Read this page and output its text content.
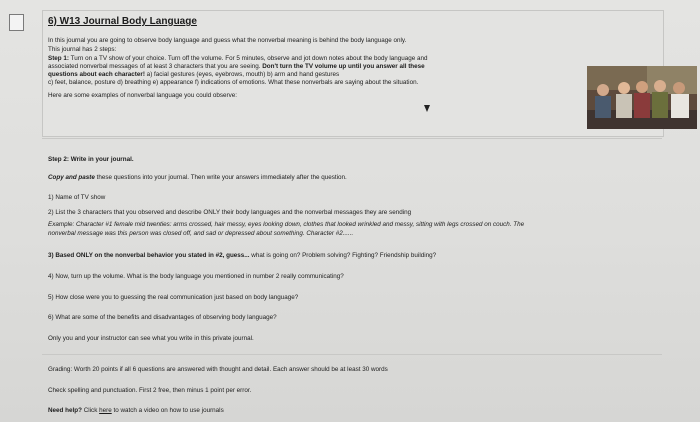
6) W13 Journal Body Language
In this journal you are going to observe body language and guess what the nonverbal meaning is behind the body language only.
This journal has 2 steps:
Step 1: Turn on a TV show of your choice. Turn off the volume. For 5 minutes, observe and jot down notes about the body language and
associated nonverbal messages of at least 3 characters that you are seeing. Don't turn the TV volume up until you answer all these
questions about each character! a) facial gestures (eyes, eyebrows, mouth) b) arm and hand gestures
c) feet, balance, posture d) breathing e) appearance f) indications of emotions. What these nonverbals are saying about the situation.
Here are some examples of nonverbal language you could observe:
Step 2: Write in your journal.
Copy and paste these questions into your journal. Then write your answers immediately after the question.
1) Name of TV show
2) List the 3 characters that you observed and describe ONLY their body languages and the nonverbal messages they are sending
Example: Character #1 female mid twenties: arms crossed, hair messy, eyes looking down, clothes that looked wrinkled and messy, sitting with legs crossed on couch. The
nonverbal message was this person was closed off, and sad or depressed about something. Character #2......
3) Based ONLY on the nonverbal behavior you stated in #2, guess... what is going on? Problem solving? Fighting? Friendship building?
4) Now, turn up the volume. What is the body language you mentioned in number 2 really communicating?
5) How close were you to guessing the real communication just based on body language?
6) What are some of the benefits and disadvantages of observing body language?
Only you and your instructor can see what you write in this private journal.
Grading: Worth 20 points if all 6 questions are answered with thought and detail. Each answer should be at least 30 words
Check spelling and punctuation. First 2 free, then minus 1 point per error.
Need help? Click here to watch a video on how to use journals
